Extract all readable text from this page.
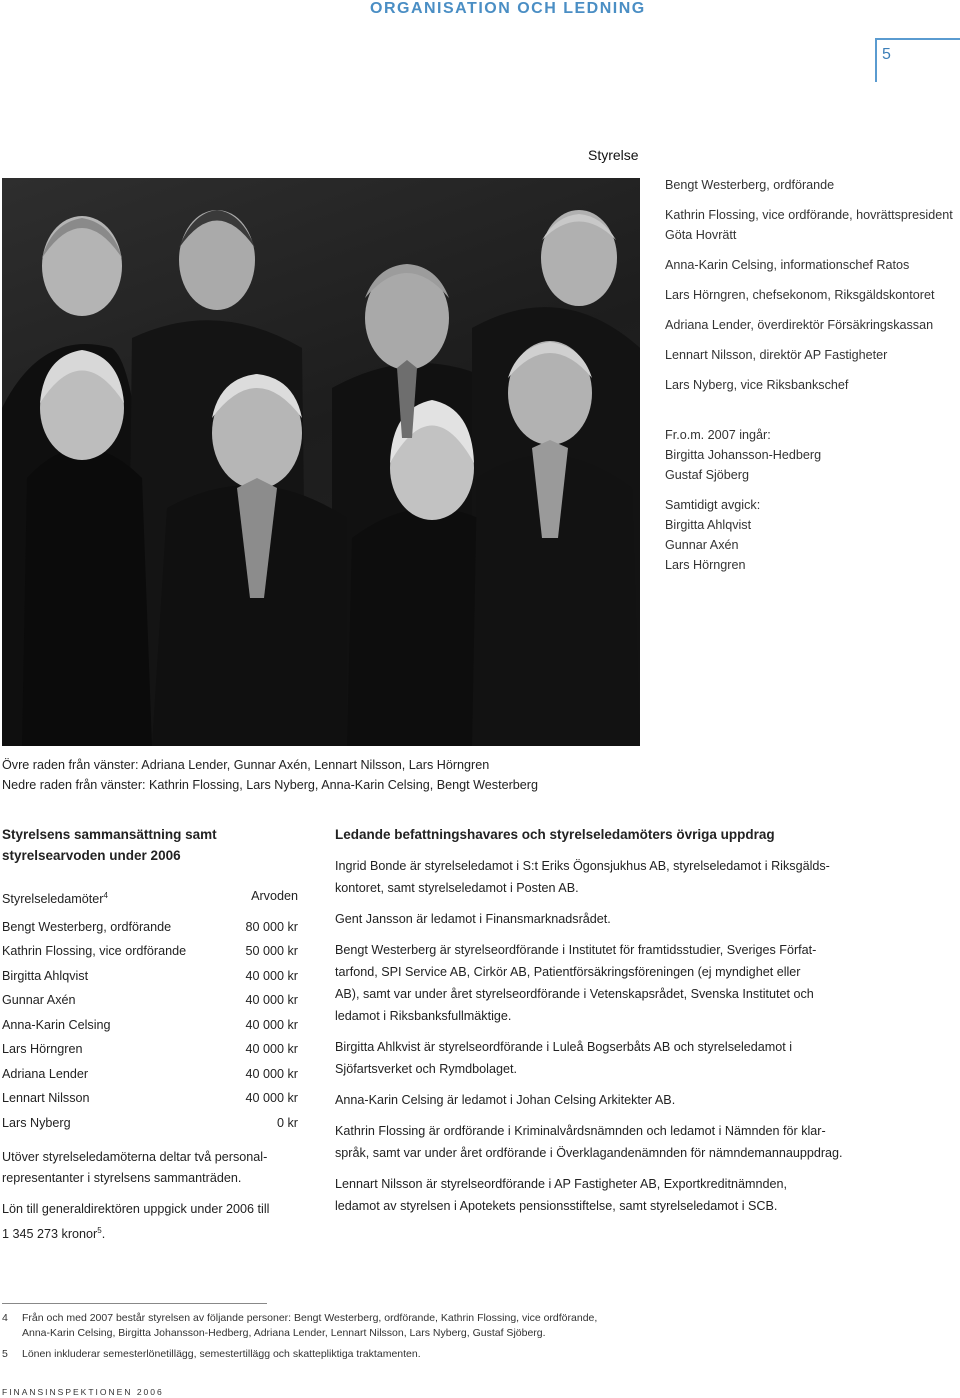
ORGANISATION OCH LEDNING
5
Styrelse

Bengt Westerberg, ordförande

Kathrin Flossing, vice ordförande, hovrättspresident Göta Hovrätt

Anna-Karin Celsing, informationschef Ratos

Lars Hörngren, chefsekonom, Riksgäldskontoret

Adriana Lender, överdirektör Försäkringskassan

Lennart Nilsson, direktör AP Fastigheter

Lars Nyberg, vice Riksbankschef

Fr.o.m. 2007 ingår:
Birgitta Johansson-Hedberg
Gustaf Sjöberg
Samtidigt avgick:
Birgitta Ahlqvist
Gunnar Axén
Lars Hörngren
Övre raden från vänster: Adriana Lender, Gunnar Axén, Lennart Nilsson, Lars Hörngren
Nedre raden från vänster: Kathrin Flossing, Lars Nyberg, Anna-Karin Celsing, Bengt Westerberg
Styrelsens sammansättning samt
styrelsearvoden under 2006
Styrelseledamöter$^4$	Arvoden
Bengt Westerberg, ordförande	80 000 kr
Kathrin Flossing, vice ordförande	50 000 kr
Birgitta Ahlqvist	40 000 kr
Gunnar Axén	40 000 kr
Anna-Karin Celsing	40 000 kr
Lars Hörngren	40 000 kr
Adriana Lender	40 000 kr
Lennart Nilsson	40 000 kr
Lars Nyberg	0 kr

Utöver styrelseledamöterna deltar två personal-
representanter i styrelsens sammanträden.

Lön till generaldirektören uppgick under 2006 till
1 345 273 kronor$^5$.

Ledande befattningshavares och styrelseledamöters övriga uppdrag

Ingrid Bonde är styrelseledamot i S:t Eriks Ögonsjukhus AB, styrelseledamot i Riksgälds-
kontoret, samt styrelseledamot i Posten AB.

Gent Jansson är ledamot i Finansmarknadsrådet.

Bengt Westerberg är styrelseordförande i Institutet för framtidsstudier, Sveriges Förfat-
tarfond, SPI Service AB, Cirkör AB, Patientförsäkringsföreningen (ej myndighet eller
AB), samt var under året styrelseordförande i Vetenskapsrådet, Svenska Institutet och
ledamot i Riksbanksfullmäktige.

Birgitta Ahlkvist är styrelseordförande i Luleå Bogserbåts AB och styrelseledamot i
Sjöfartsverket och Rymdbolaget.

Anna-Karin Celsing är ledamot i Johan Celsing Arkitekter AB.

Kathrin Flossing är ordförande i Kriminalvårdsnämnden och ledamot i Nämnden för klar-
språk, samt var under året ordförande i Överklagandenämnden för nämndemannauppdrag.

Lennart Nilsson är styrelseordförande i AP Fastigheter AB, Exportkreditnämnden,
ledamot av styrelsen i Apotekets pensionsstiftelse, samt styrelseledamot i SCB.

4	Från och med 2007 består styrelsen av följande personer: Bengt Westerberg, ordförande, Kathrin Flossing, vice ordförande,
Anna-Karin Celsing, Birgitta Johansson-Hedberg, Adriana Lender, Lennart Nilsson, Lars Nyberg, Gustaf Sjöberg.
5	Lönen inkluderar semesterlönetillägg, semestertillägg och skattepliktiga traktamenten.
FINANSINSPEKTIONEN 2006
